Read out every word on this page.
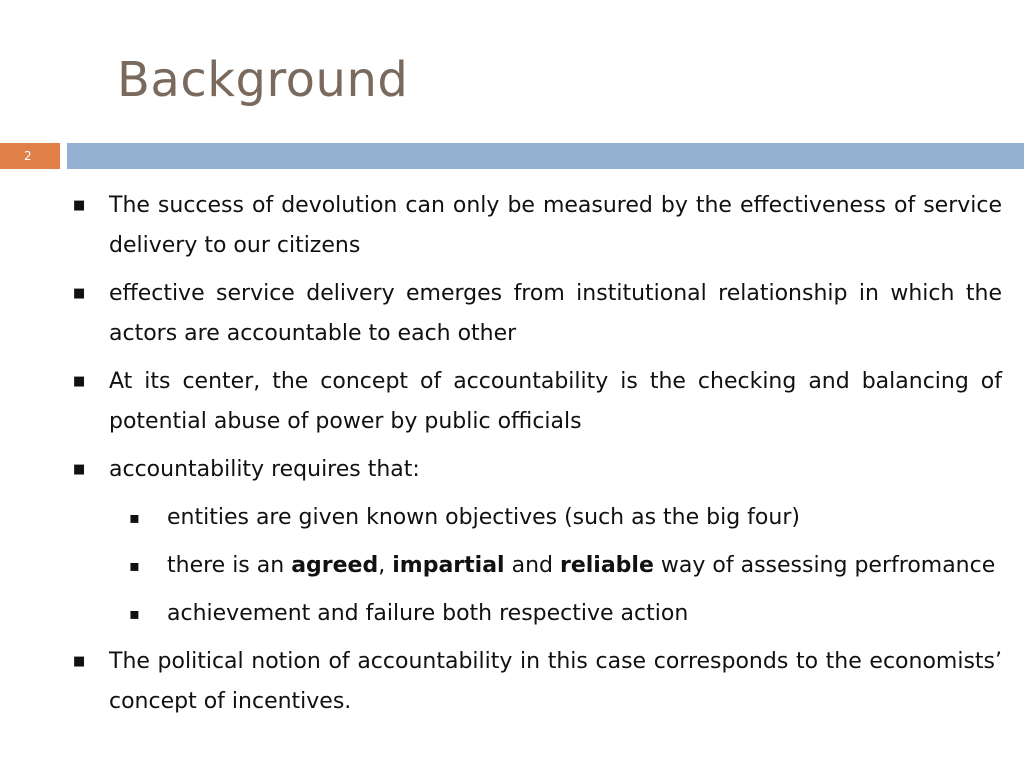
Background
2
■ The success of devolution can only be measured by the effectiveness of service delivery to our citizens
■ effective service delivery emerges from institutional relationship in which the actors are accountable to each other
■ At its center, the concept of accountability is the checking and balancing of potential abuse of power by public officials
■ accountability requires that:
▪ entities are given known objectives (such as the big four)
▪ there is an agreed, impartial and reliable way of assessing perfromance
▪ achievement and failure both respective action
■ The political notion of accountability in this case corresponds to the economists’ concept of incentives.
